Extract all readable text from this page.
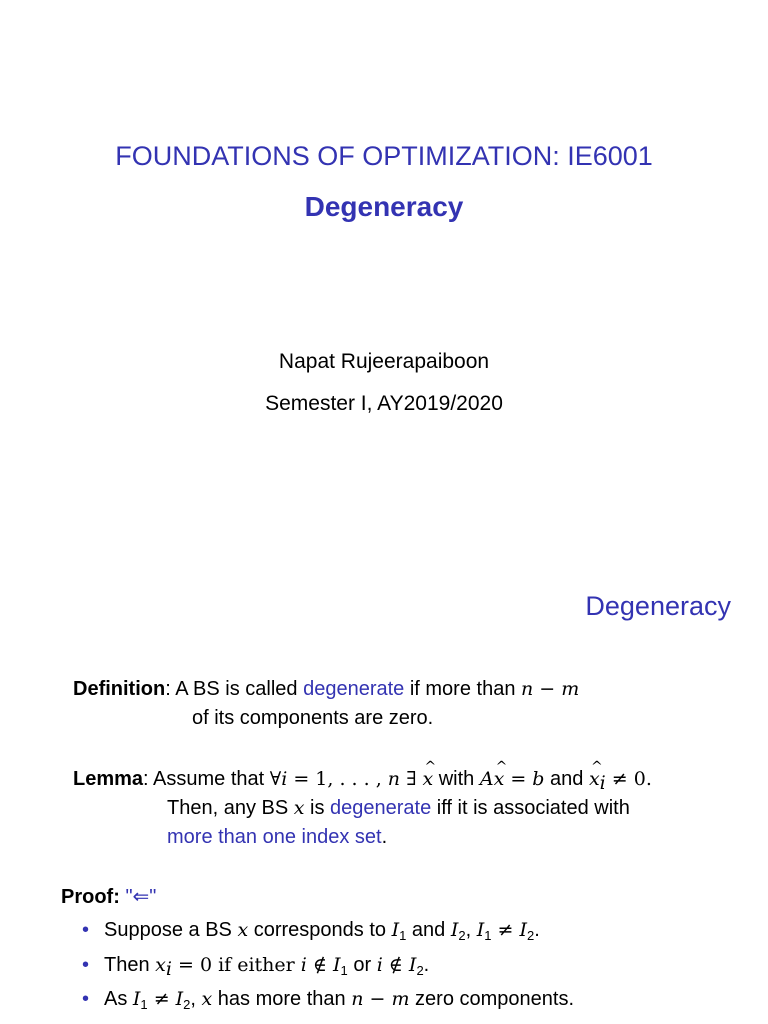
FOUNDATIONS OF OPTIMIZATION: IE6001
Degeneracy
Napat Rujeerapaiboon
Semester I, AY2019/2020
Degeneracy
Definition: A BS is called degenerate if more than n − m
of its components are zero.
Lemma: Assume that ∀i = 1, . . . , n ∃ ^ x with A^ x = b and ^ $x_i \ne 0$.
Then, any BS x is degenerate iff it is associated with
more than one index set.
Proof: "⇐"
• Suppose a BS x corresponds to $I_1$ and $I_2$, $I_1 \ne I_2$.
• Then $x_i = 0$ if either i ∉ $I_1$ or i ∉ $I_2$.
• As $I_1 \ne I_2$, x has more than n − m zero components.
